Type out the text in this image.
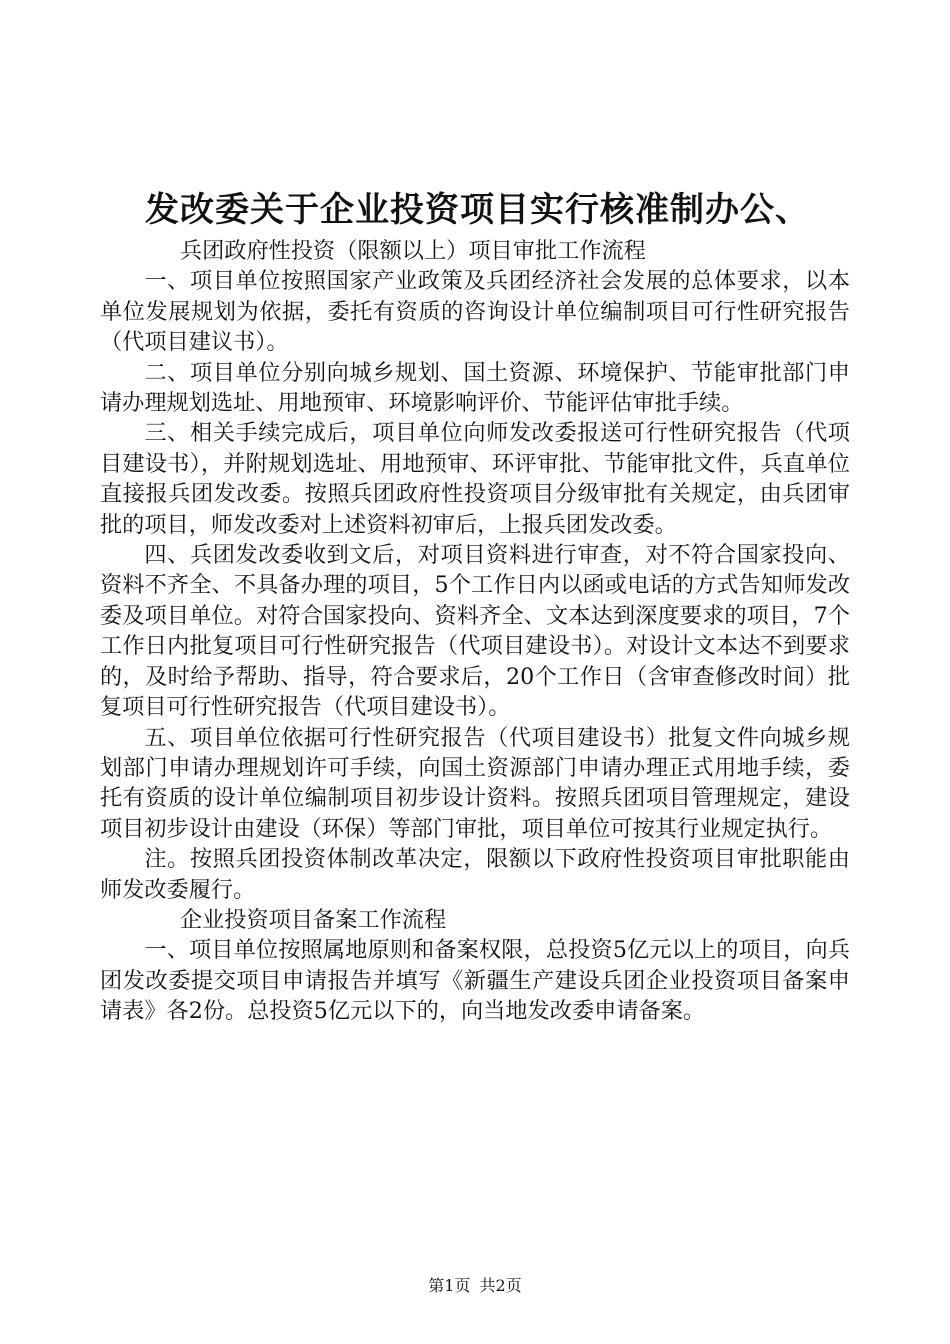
发改委关于企业投资项目实行核准制办公、

兵团政府性投资（限额以上）项目审批工作流程

一、项目单位按照国家产业政策及兵团经济社会发展的总体要求，以本单位发展规划为依据，委托有资质的咨询设计单位编制项目可行性研究报告（代项目建议书）。

二、项目单位分别向城乡规划、国土资源、环境保护、节能审批部门申请办理规划选址、用地预审、环境影响评价、节能评估审批手续。

三、相关手续完成后，项目单位向师发改委报送可行性研究报告（代项目建设书），并附规划选址、用地预审、环评审批、节能审批文件，兵直单位直接报兵团发改委。按照兵团政府性投资项目分级审批有关规定，由兵团审批的项目，师发改委对上述资料初审后，上报兵团发改委。

四、兵团发改委收到文后，对项目资料进行审查，对不符合国家投向、资料不齐全、不具备办理的项目，5个工作日内以函或电话的方式告知师发改委及项目单位。对符合国家投向、资料齐全、文本达到深度要求的项目，7个工作日内批复项目可行性研究报告（代项目建设书）。对设计文本达不到要求的，及时给予帮助、指导，符合要求后，20个工作日（含审查修改时间）批复项目可行性研究报告（代项目建设书）。

五、项目单位依据可行性研究报告（代项目建设书）批复文件向城乡规划部门申请办理规划许可手续，向国土资源部门申请办理正式用地手续，委托有资质的设计单位编制项目初步设计资料。按照兵团项目管理规定，建设项目初步设计由建设（环保）等部门审批，项目单位可按其行业规定执行。

注。按照兵团投资体制改革决定，限额以下政府性投资项目审批职能由师发改委履行。

企业投资项目备案工作流程

一、项目单位按照属地原则和备案权限，总投资5亿元以上的项目，向兵团发改委提交项目申请报告并填写《新疆生产建设兵团企业投资项目备案申请表》各2份。总投资5亿元以下的，向当地发改委申请备案。

第1页 共2页
